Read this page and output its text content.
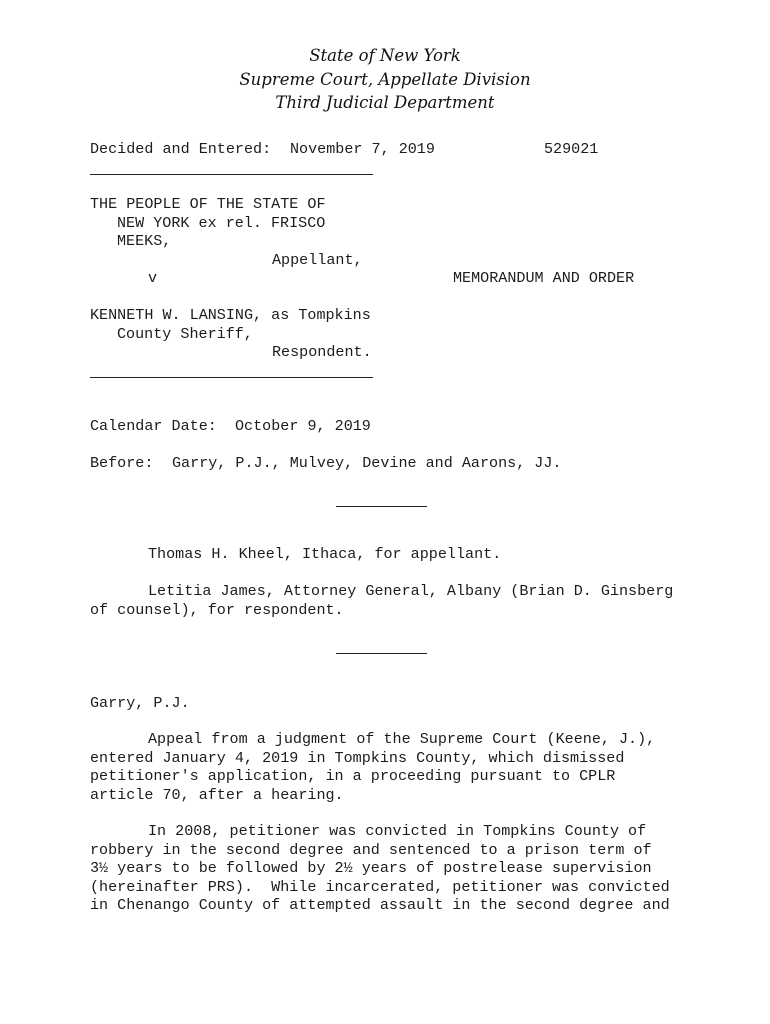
State of New York
Supreme Court, Appellate Division
Third Judicial Department
Decided and Entered: November 7, 2019	529021
THE PEOPLE OF THE STATE OF
NEW YORK ex rel. FRISCO
MEEKS,
Appellant,
v	MEMORANDUM AND ORDER
KENNETH W. LANSING, as Tompkins
County Sheriff,
Respondent.
Calendar Date: October 9, 2019
Before: Garry, P.J., Mulvey, Devine and Aarons, JJ.
Thomas H. Kheel, Ithaca, for appellant.
Letitia James, Attorney General, Albany (Brian D. Ginsberg
of counsel), for respondent.
Garry, P.J.
Appeal from a judgment of the Supreme Court (Keene, J.),
entered January 4, 2019 in Tompkins County, which dismissed
petitioner's application, in a proceeding pursuant to CPLR
article 70, after a hearing.
In 2008, petitioner was convicted in Tompkins County of
robbery in the second degree and sentenced to a prison term of
3½ years to be followed by 2½ years of postrelease supervision
(hereinafter PRS).  While incarcerated, petitioner was convicted
in Chenango County of attempted assault in the second degree and
